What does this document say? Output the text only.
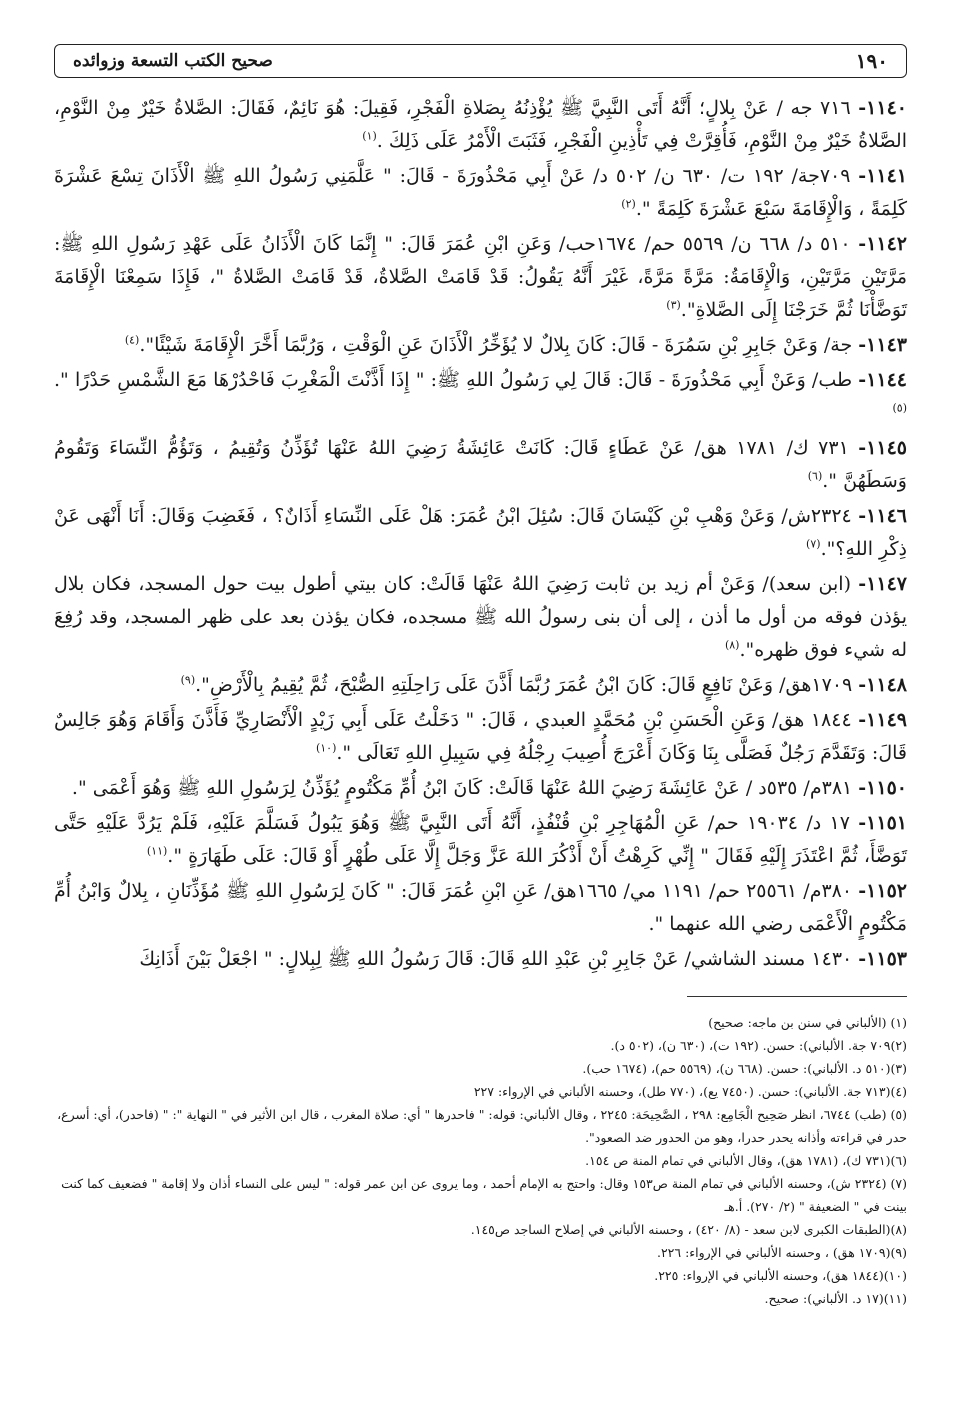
١٩٠
صحيح الكتب التسعة وزوائده

١١٤٠- ٧١٦ جه / عَنْ بِلالٍ؛ أَنَّهُ أَتَى النَّبِيَّ ﷺ يُؤْذِنُهُ بِصَلاةِ الْفَجْرِ، فَقِيلَ: هُوَ نَائِمٌ، فَقَالَ: الصَّلاةُ خَيْرٌ مِنْ النَّوْمِ، الصَّلاةُ خَيْرٌ مِنْ النَّوْمِ، فَأُقِرَّتْ فِي تَأْذِينِ الْفَجْرِ، فَثَبَتَ الْأَمْرُ عَلَى ذَلِكَ .$^{(١)}$

١١٤١- ٧٠٩جة/ ١٩٢ ت/ ٦٣٠ ن/ ٥٠٢ د/ عَنْ أَبِي مَحْذُورَةَ - قَالَ: " عَلَّمَنِي رَسُولُ اللهِ ﷺ الْأَذَانَ تِسْعَ عَشْرَةَ كَلِمَةً ، وَالْإِقَامَةَ سَبْعَ عَشْرَةَ كَلِمَةً ".$^{(٢)}$

١١٤٢- ٥١٠ د/ ٦٦٨ ن/ ٥٥٦٩ حم/ ١٦٧٤حب/ وَعَنِ ابْنِ عُمَرَ قَالَ: " إِنَّمَا كَانَ الْأَذَانُ عَلَى عَهْدِ رَسُولِ اللهِ ﷺ: مَرَّتَيْنِ مَرَّتَيْنِ، وَالْإِقَامَةُ: مَرَّةً مَرَّةً، غَيْرَ أَنَّهُ يَقُولُ: قَدْ قَامَتْ الصَّلاةُ، قَدْ قَامَتْ الصَّلاةُ "، فَإِذَا سَمِعْنَا الْإِقَامَةَ تَوَضَّأْنَا ثُمَّ خَرَجْنَا إِلَى الصَّلاةِ".$^{(٣)}$

١١٤٣- جة/ وَعَنْ جَابِرِ بْنِ سَمُرَةَ - قَالَ: كَانَ بِلالٌ لا يُؤَخِّرُ الْأَذَانَ عَنِ الْوَقْتِ ، وَرُبَّمَا أَخَّرَ الْإِقَامَةَ شَيْئًا".$^{(٤)}$

١١٤٤- طب/ وَعَنْ أَبِي مَحْذُورَةَ - قَالَ: قَالَ لِي رَسُولُ اللهِ ﷺ: " إِذَا أَذَّنْتَ الْمَغْرِبَ فَاحْدُرْهَا مَعَ الشَّمْسِ حَدْرًا ".$^{(٥)}$

١١٤٥- ٧٣١ ك/ ١٧٨١ هق/ عَنْ عَطَاءٍ قَالَ: كَانَتْ عَائِشَةُ رَضِيَ اللهُ عَنْهَا تُؤَذِّنُ وَتُقِيمُ ، وَتَؤُمُّ النِّسَاءَ وَتَقُومُ وَسَطَهُنَّ ".$^{(٦)}$

١١٤٦- ٢٣٢٤ش/ وَعَنْ وَهْبِ بْنِ كَيْسَانَ قَالَ: سُئِلَ ابْنُ عُمَرَ: هَلْ عَلَى النِّسَاءِ أَذَانٌ؟ ، فَغَضِبَ وَقَالَ: أَنَا أَنْهَى عَنْ ذِكْرِ اللهِ؟".$^{(٧)}$

١١٤٧- (ابن سعد)/ وَعَنْ أم زيد بن ثابت رَضِيَ اللهُ عَنْهَا قَالَتْ: كان بيتي أطول بيت حول المسجد، فكان بلال يؤذن فوقه من أول ما أذن ، إلى أن بنى رسولُ الله ﷺ مسجده، فكان يؤذن بعد على ظهر المسجد، وقد رُفِعَ له شيء فوق ظهره".$^{(٨)}$

١١٤٨- ١٧٠٩هق/ وَعَنْ نَافِعٍ قَالَ: كَانَ ابْنُ عُمَرَ رُبَّمَا أَذَّنَ عَلَى رَاحِلَتِهِ الصُّبْحَ، ثُمَّ يُقِيمُ بِالْأَرْضِ".$^{(٩)}$

١١٤٩- ١٨٤٤ هق/ وَعَنِ الْحَسَنِ بْنِ مُحَمَّدٍ العبدي ، قَالَ: " دَخَلْتُ عَلَى أَبِي زَيْدٍ الْأَنْصَارِيِّ فَأَذَّنَ وَأَقَامَ وَهُوَ جَالِسٌ قَالَ: وَتَقَدَّمَ رَجُلٌ فَصَلَّى بِنَا وَكَانَ أَعْرَجَ أُصِيبَ رِجْلُهُ فِي سَبِيلِ اللهِ تَعَالَى ".$^{(١٠)}$

١١٥٠- ٣٨١م/ ٥٣٥د / عَنْ عَائِشَةَ رَضِيَ اللهُ عَنْهَا قَالَتْ: كَانَ ابْنُ أُمِّ مَكْتُومٍ يُؤَذِّنُ لِرَسُولِ اللهِ ﷺ وَهُوَ أَعْمَى ".

١١٥١- ١٧ د/ ١٩٠٣٤ حم/ عَنِ الْمُهَاجِرِ بْنِ قُنْفُذٍ، أَنَّهُ أَتَى النَّبِيَّ ﷺ وَهُوَ يَبُولُ فَسَلَّمَ عَلَيْهِ، فَلَمْ يَرُدَّ عَلَيْهِ حَتَّى تَوَضَّأَ، ثُمَّ اعْتَذَرَ إِلَيْهِ فَقَالَ " إِنِّي كَرِهْتُ أَنْ أَذْكُرَ اللهَ عَزَّ وَجَلَّ إِلَّا عَلَى طُهْرٍ أَوْ قَالَ: عَلَى طَهَارَةٍ ".$^{(١١)}$

١١٥٢- ٣٨٠م/ ٢٥٥٦١ حم/ ١١٩١ مي/ ١٦٦٥هق/ عَنِ ابْنِ عُمَرَ قَالَ: " كَانَ لِرَسُولِ اللهِ ﷺ مُؤَذِّنَانِ ، بِلالٌ وَابْنُ أُمِّ مَكْتُومٍ الْأَعْمَى رضي الله عنهما ".

١١٥٣- ١٤٣٠ مسند الشاشي/ عَنْ جَابِرِ بْنِ عَبْدِ اللهِ قَالَ: قَالَ رَسُولُ اللهِ ﷺ لِبِلالٍ: " اجْعَلْ بَيْنَ أَذَانِكَ

(١) (الألباني في سنن بن ماجه: صحيح)

(٢)٧٠٩ جة. الألباني): حسن. (١٩٢ ت)، (٦٣٠ ن)، (٥٠٢ د).

(٣)(٥١٠ د. الألباني): حسن. (٦٦٨ ن)، (٥٥٦٩ حم)، (١٦٧٤ حب).

(٤)(٧١٣ جة. الألباني): حسن. (٧٤٥٠ يع)، (٧٧٠ طل)، وحسنه الألباني في الإرواء: ٢٢٧

(٥) (طب) ٦٧٤٤، انظر صَحِيح الْجَامِع: ٢٩٨ ، الصَّحِيحَة: ٢٢٤٥ ، وقال الألباني: قوله: " فاحدرها " أي: صلاة المغرب ، قال ابن الأثير في " النهاية ": " (فاحدر)، أي: أسرع، حدر في قراءته وأذانه يحدر حدرا، وهو من الحدور ضد الصعود".

(٦)(٧٣١ ك)، (١٧٨١ هق)، وقال الألباني في تمام المنة ص ١٥٤.

(٧) (٢٣٢٤ ش)، وحسنه الألباني في تمام المنة ص١٥٣ وقال: واحتج به الإمام أحمد ، وما يروى عن ابن عمر قوله: " ليس على النساء أذان ولا إقامة " فضعيف كما كنت بينت في " الضعيفة " (٢/ ٢٧٠). أ.هـ

(٨)(الطبقات الكبرى لابن سعد - (٨/ ٤٢٠) ، وحسنه الألباني في إصلاح الساجد ص١٤٥.

(٩)(١٧٠٩ هق) ، وحسنه الألباني في الإرواء: ٢٢٦.

(١٠)(١٨٤٤ هق)، وحسنه الألباني في الإرواء: ٢٢٥.

(١١)(١٧ د. الألباني): صحيح.
